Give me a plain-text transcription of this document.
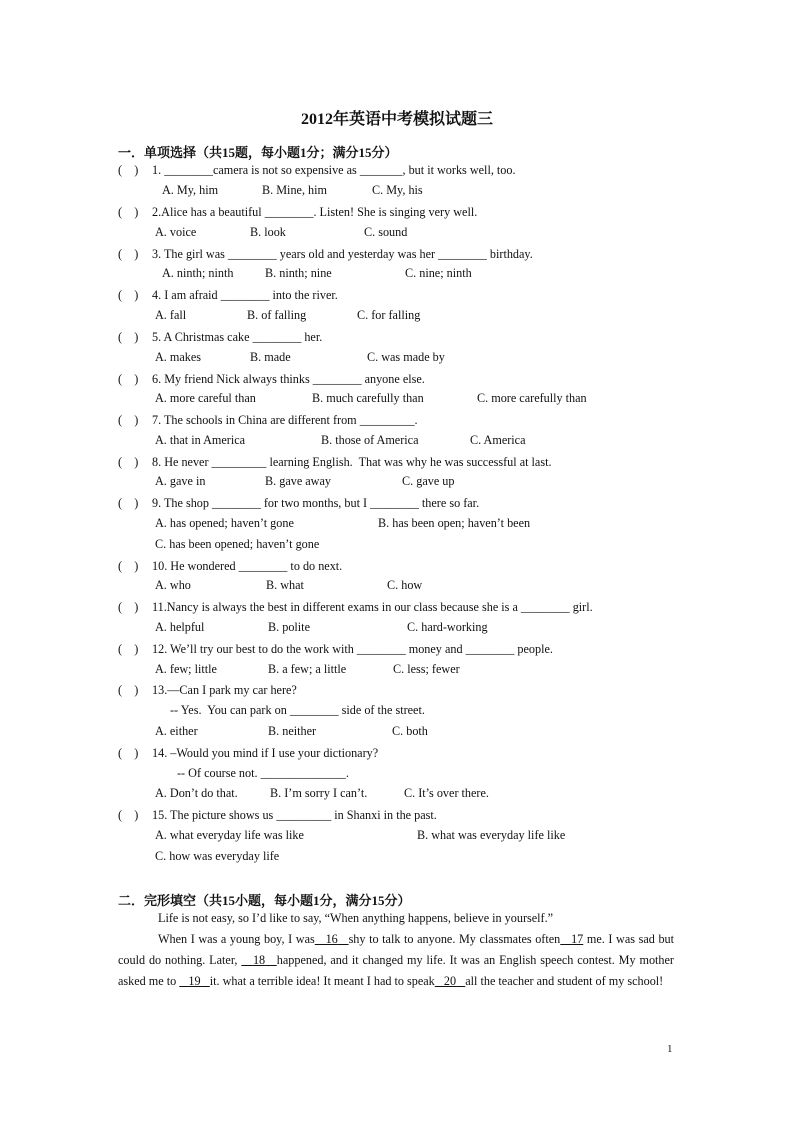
2012年英语中考模拟试题三
一．单项选择（共15题，每小题1分；满分15分）
(    ) 1. ________camera is not so expensive as _______, but it works well, too.
A. My, him	B. Mine, him	C. My, his
(    ) 2.Alice has a beautiful ________. Listen! She is singing very well.
A. voice	B. look	C. sound
(    ) 3. The girl was ________ years old and yesterday was her ________ birthday.
A. ninth; ninth	B. ninth; nine	C. nine; ninth
(    ) 4. I am afraid ________ into the river.
A. fall	B. of falling	C. for falling
(    ) 5. A Christmas cake ________ her.
A. makes	B. made	C. was made by
(    ) 6. My friend Nick always thinks ________ anyone else.
A. more careful than	B. much carefully than	C. more carefully than
(    ) 7. The schools in China are different from _________.
A. that in America	B. those of America	C. America
(    ) 8. He never _________ learning English.  That was why he was successful at last.
A. gave in	B. gave away	C. gave up
(    ) 9. The shop ________ for two months, but I ________ there so far.
A. has opened; haven’t gone	B. has been open; haven’t been
C. has been opened; haven’t gone
(    ) 10. He wondered ________ to do next.
A. who	B. what	C. how
(    ) 11.Nancy is always the best in different exams in our class because she is a ________ girl.
A. helpful	B. polite	C. hard-working
(    ) 12. We’ll try our best to do the work with ________ money and ________ people.
A. few; little	B. a few; a little	C. less; fewer
(    ) 13.—Can I park my car here?
-- Yes.  You can park on ________ side of the street.
A. either	B. neither	C. both
(    ) 14. –Would you mind if I use your dictionary?
-- Of course not. ______________.
A. Don’t do that.	B. I’m sorry I can’t.	C. It’s over there.
(    ) 15. The picture shows us _________ in Shanxi in the past.
A. what everyday life was like	B. what was everyday life like
C. how was everyday life
二．完形填空（共15小题，每小题1分，满分15分）

Life is not easy, so I’d like to say, “When anything happens, believe in yourself.”

When I was a young boy, I was 16 shy to talk to anyone. My classmates often 17 me. I was sad but could do nothing. Later,    18 happened, and it changed my life. It was an English speech contest. My mother asked me to    19 it. what a terrible idea! It meant I had to speak 20 all the teacher and student of my school!

1
